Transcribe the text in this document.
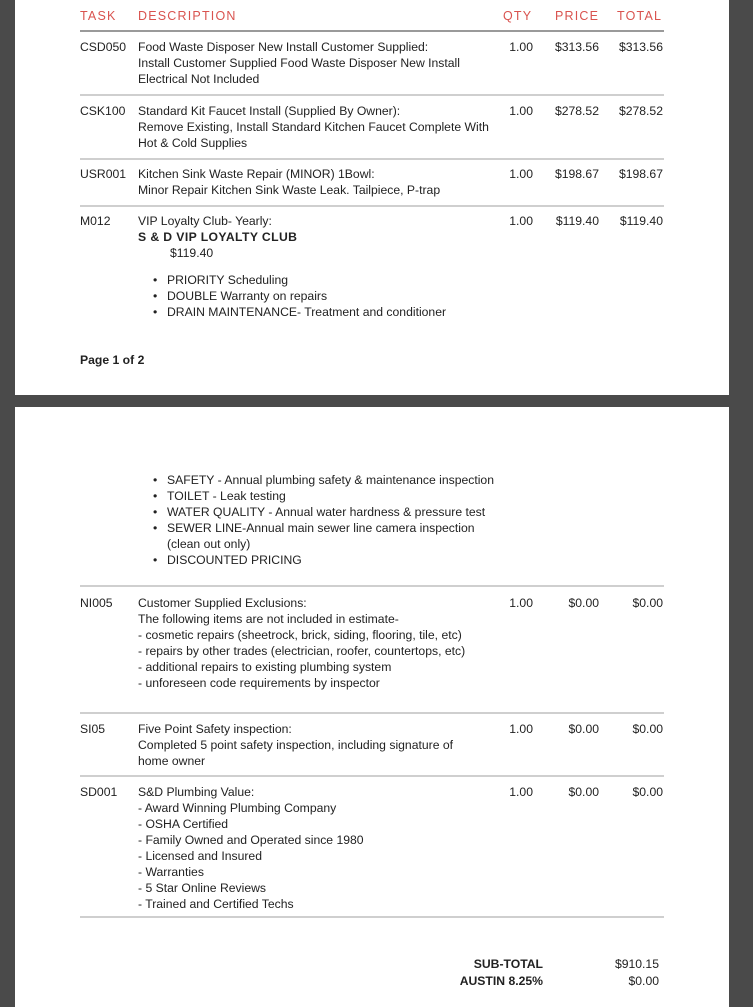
TASK DESCRIPTION	QTY PRICE TOTAL
CSD050 Food Waste Disposer New Install Customer Supplied:
Install Customer Supplied Food Waste Disposer New Install
Electrical Not Included
1.00	$313.56	$313.56
CSK100 Standard Kit Faucet Install (Supplied By Owner):
Remove Existing, Install Standard Kitchen Faucet Complete With
Hot & Cold Supplies
1.00	$278.52	$278.52
USR001 Kitchen Sink Waste Repair (MINOR) 1Bowl:
Minor Repair Kitchen Sink Waste Leak. Tailpiece, P-trap
1.00	$198.67	$198.67
M012 VIP Loyalty Club- Yearly:
S & D VIP LOYALTY CLUB
$119.40
1.00	$119.40	$119.40
• PRIORITY Scheduling
• DOUBLE Warranty on repairs
• DRAIN MAINTENANCE- Treatment and conditioner
Page 1 of 2
• SAFETY - Annual plumbing safety & maintenance inspection
• TOILET - Leak testing
• WATER QUALITY - Annual water hardness & pressure test
• SEWER LINE-Annual main sewer line camera inspection
(clean out only)
• DISCOUNTED PRICING
NI005 Customer Supplied Exclusions:
The following items are not included in estimate-
- cosmetic repairs (sheetrock, brick, siding, flooring, tile, etc)
- repairs by other trades (electrician, roofer, countertops, etc)
- additional repairs to existing plumbing system
- unforeseen code requirements by inspector
1.00	$0.00	$0.00
SI05	Five Point Safety inspection:
Completed 5 point safety inspection, including signature of
home owner
1.00	$0.00	$0.00
SD001 S&D Plumbing Value:
- Award Winning Plumbing Company
- OSHA Certified
- Family Owned and Operated since 1980
- Licensed and Insured
- Warranties
- 5 Star Online Reviews
- Trained and Certified Techs
1.00	$0.00	$0.00
SUB-TOTAL	$910.15
AUSTIN 8.25%	$0.00
